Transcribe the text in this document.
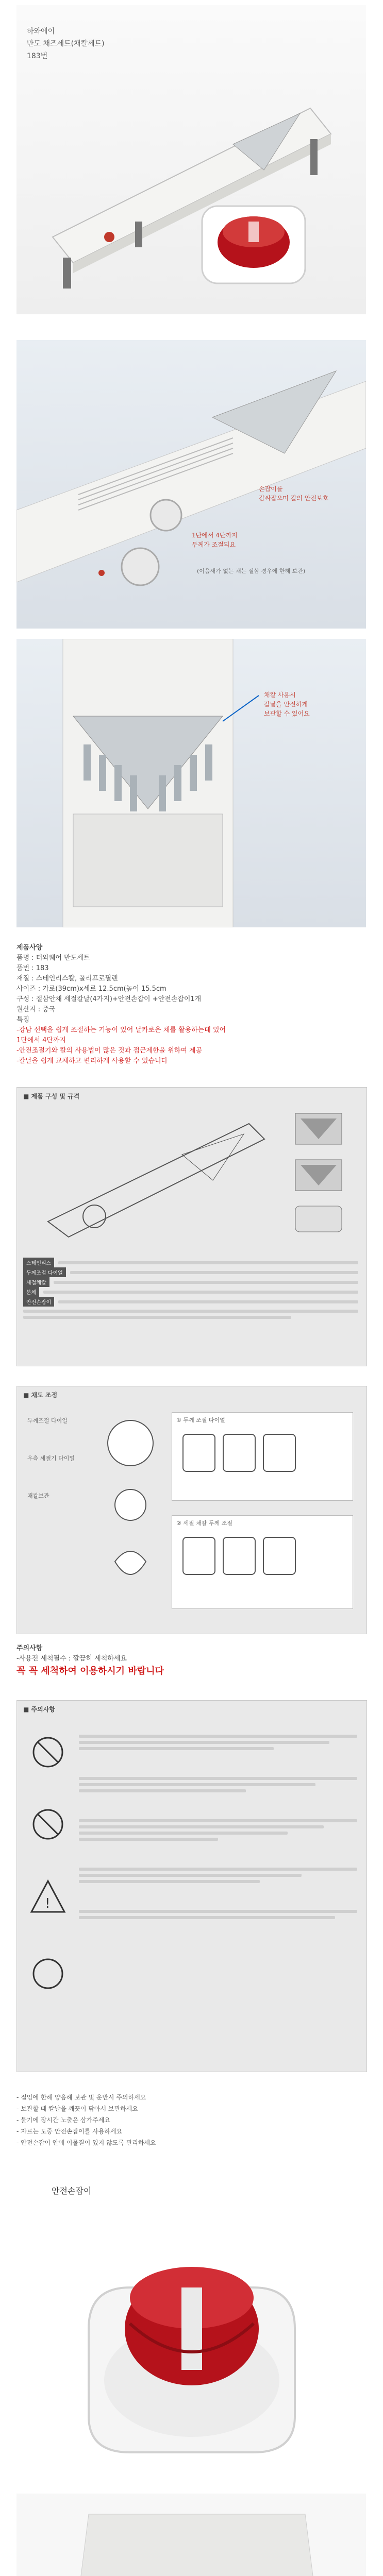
하와에이
만도 채즈세트(채칼세트)
183번
손잡이를
감싸잡으며 칼의 안전보호
1단에서 4단까지
두께가 조절되요
(이음새가 없는 채는 절삼 경우에 한해 보관)
채칼 사용시
칼날을 안전하게
보관할 수 있어요
제품사양
품명 : 터와웨어 만도세트
품번 : 183
재질 : 스테인리스칼, 폴리프로필렌
사이즈 : 가로(39cm)x세로 12.5cm(높이 15.5cm
구성 : 절삼안채 세절칼날(4가지)+안전손잡이 +안전손잡이1개
원산지 : 중국
특징
-강남 선택을 쉽게 조절하는 기능이 있어 날카로운 채를 활용하는데 있어
1단에서 4단까지
-안전조절기와 칼의 사용법이 많은 것과 접근제한을 위하여 제공
-칼날을 쉽게 교체하고 편리하게 사용할 수 있습니다
■ 제품 구성 및 규격
스테인리스
두께조절 다이얼
세절채칼
본체
안전손잡이
■ 채도 조정
두께조절 다이얼
우측 세절기 다이얼
채칼보관
① 두께 조절 다이얼
② 세절 채칼 두께 조절
주의사항
-사용전 세척필수 : 깔끔히 세척하세요
꼭 꼭 세척하여 이용하시기 바랍니다
■ 주의사항
!
- 절임에 한해 양음해 보관 및 운반시 주의하세요
- 보관할 때 칼날을 깨끗이 닦아서 보관하세요
- 물기에 장시간 노출은 삼가주세요
- 자르는 도중 안전손잡이를 사용하세요
- 안전손잡이 안에 이물질이 있지 않도록 관리하세요
안전손잡이
